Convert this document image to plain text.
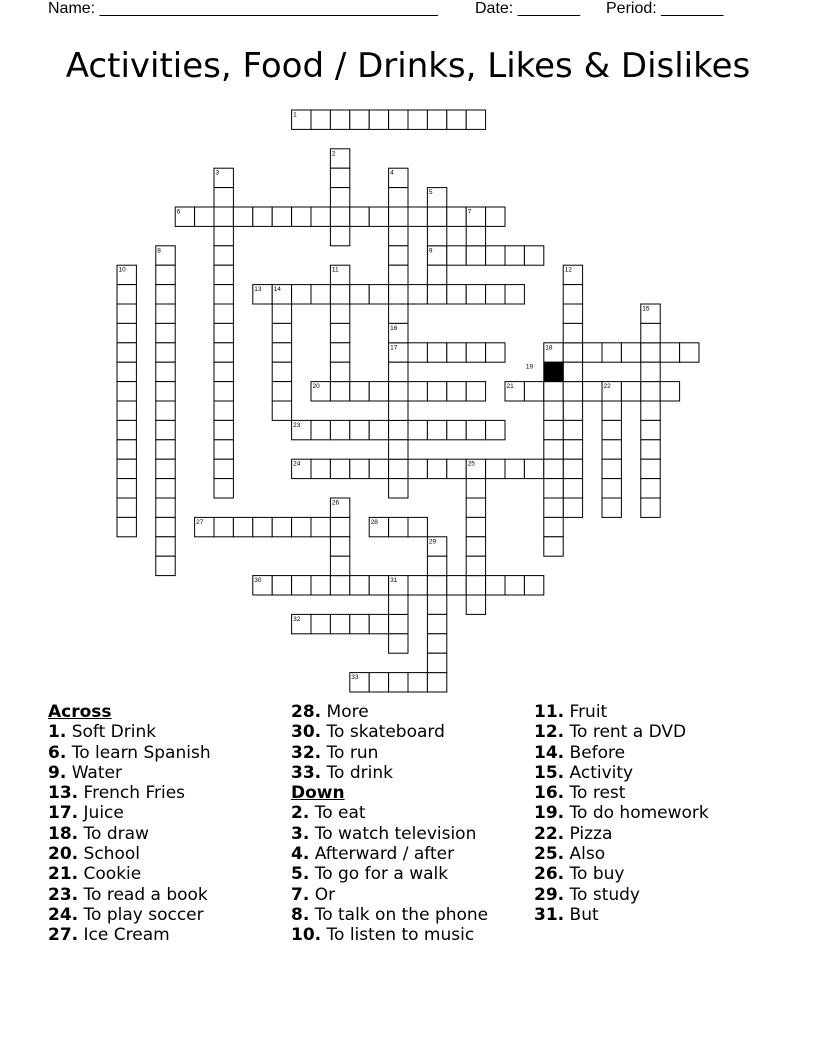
Name: ______________________________________ Date: _______ Period: _______
Activities, Food / Drinks, Likes & Dislikes
1
2
3	4
5
6	7
8	9
10	11	12
13 14
15
16
17	18
19
20	21	22
23
24	25
26
27	28
29
30	31
32
33
Across
1. Soft Drink
6. To learn Spanish
9. Water
13. French Fries
17. Juice
18. To draw
20. School
21. Cookie
23. To read a book
24. To play soccer
27. Ice Cream
28. More
30. To skateboard
32. To run
33. To drink
Down
2. To eat
3. To watch television
4. Afterward / after
5. To go for a walk
7. Or
8. To talk on the phone
10. To listen to music
11. Fruit
12. To rent a DVD
14. Before
15. Activity
16. To rest
19. To do homework
22. Pizza
25. Also
26. To buy
29. To study
31. But
